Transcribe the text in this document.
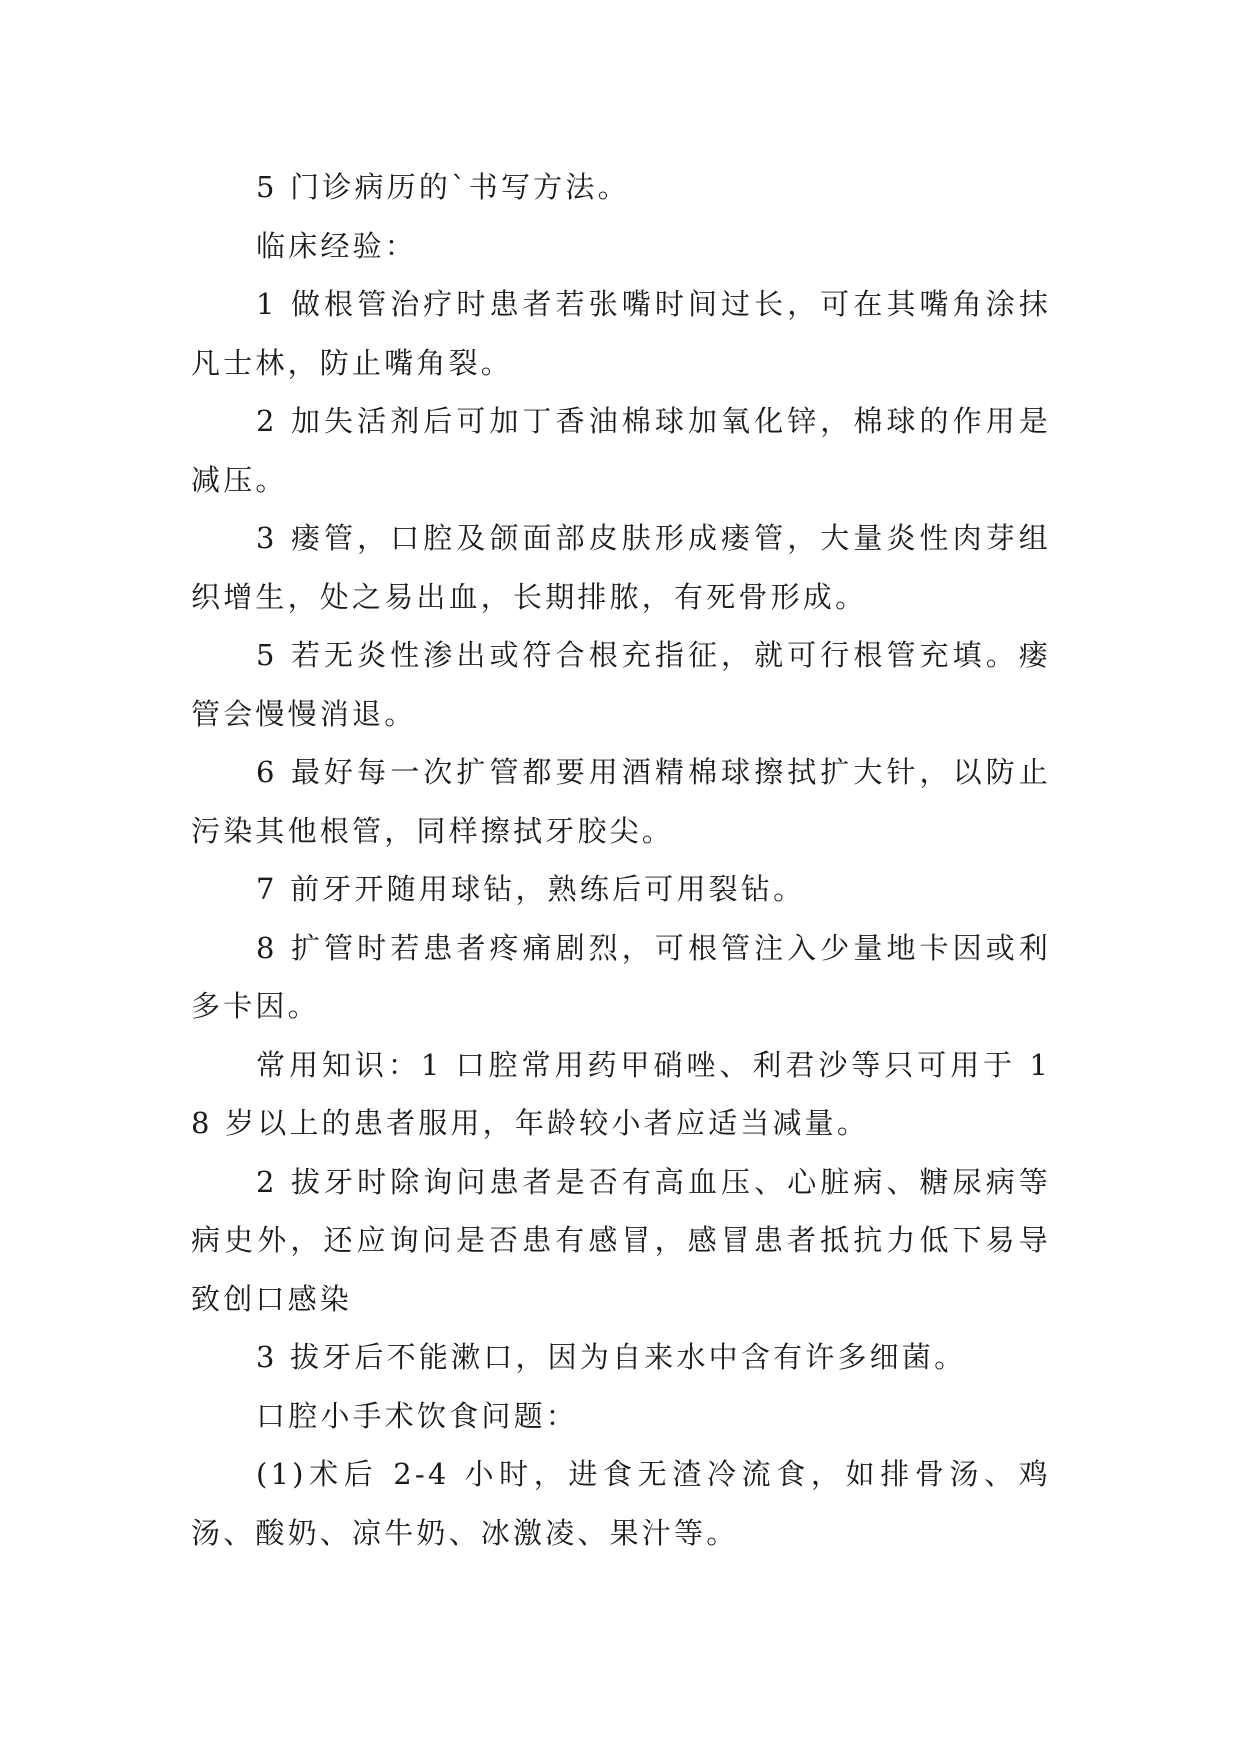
5 门诊病历的`书写方法。

临床经验：

1 做根管治疗时患者若张嘴时间过长，可在其嘴角涂抹凡士林，防止嘴角裂。

2 加失活剂后可加丁香油棉球加氧化锌，棉球的作用是减压。

3 瘘管，口腔及颌面部皮肤形成瘘管，大量炎性肉芽组织增生，处之易出血，长期排脓，有死骨形成。

5 若无炎性渗出或符合根充指征，就可行根管充填。瘘管会慢慢消退。

6 最好每一次扩管都要用酒精棉球擦拭扩大针，以防止污染其他根管，同样擦拭牙胶尖。

7 前牙开随用球钻，熟练后可用裂钻。

8 扩管时若患者疼痛剧烈，可根管注入少量地卡因或利多卡因。

常用知识：1 口腔常用药甲硝唑、利君沙等只可用于 18 岁以上的患者服用，年龄较小者应适当减量。

2 拔牙时除询问患者是否有高血压、心脏病、糖尿病等病史外，还应询问是否患有感冒，感冒患者抵抗力低下易导致创口感染

3 拔牙后不能漱口，因为自来水中含有许多细菌。

口腔小手术饮食问题：

(1)术后 2-4 小时，进食无渣冷流食，如排骨汤、鸡汤、酸奶、凉牛奶、冰激凌、果汁等。
